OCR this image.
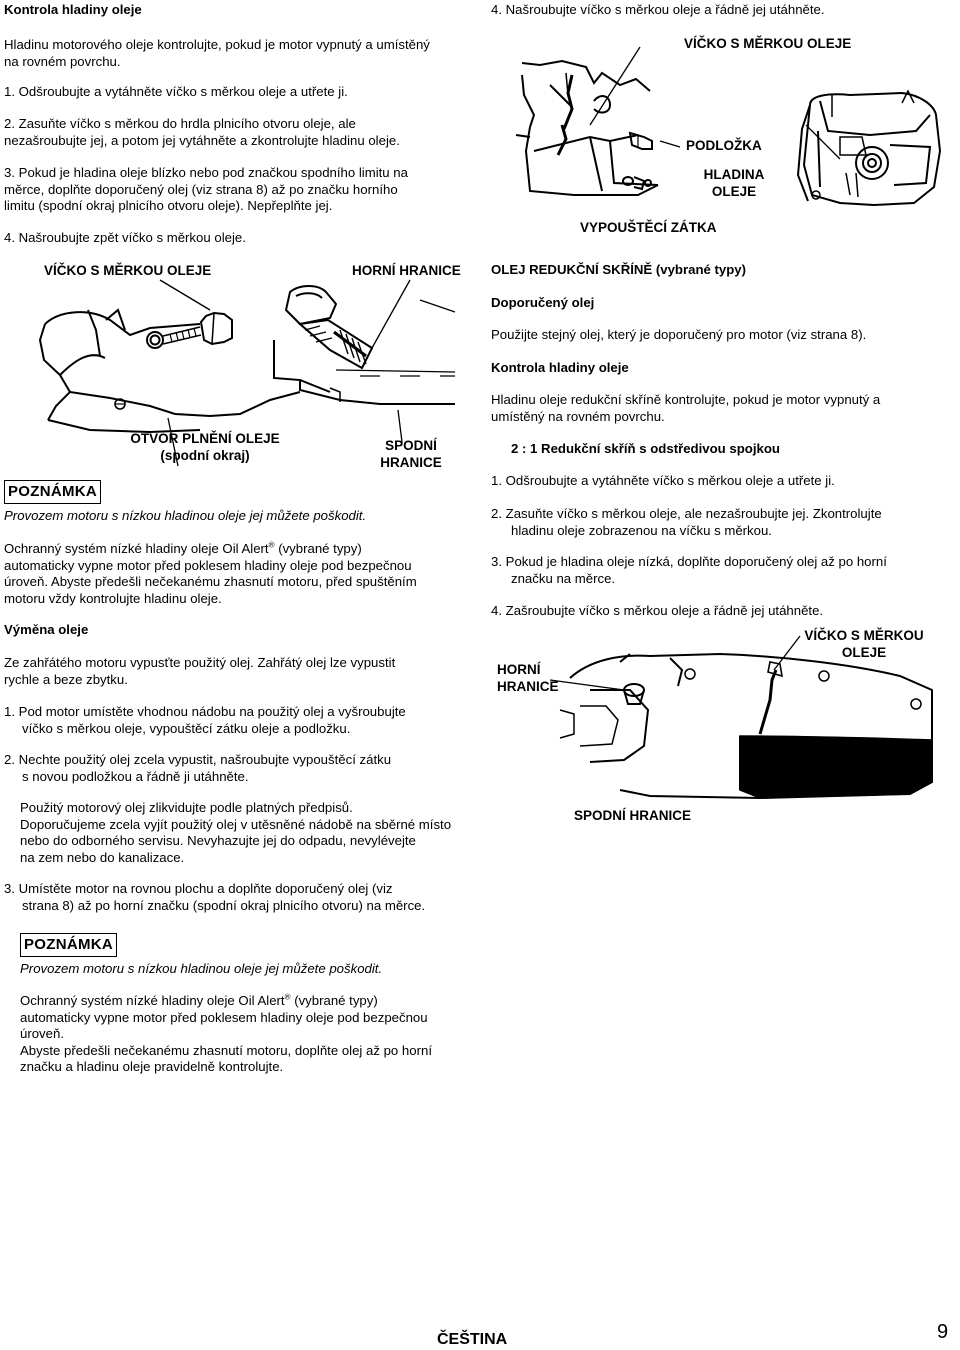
Kontrola hladiny oleje
Hladinu motorového oleje kontrolujte, pokud je motor vypnutý a umístěný
na rovném povrchu.
1. Odšroubujte a vytáhněte víčko s měrkou oleje a utřete ji.
2. Zasuňte víčko s měrkou do hrdla plnicího otvoru oleje, ale
nezašroubujte jej, a potom jej vytáhněte a zkontrolujte hladinu oleje.
3. Pokud je hladina oleje blízko nebo pod značkou spodního limitu na
měrce, doplňte doporučený olej (viz strana 8) až po značku horního
limitu (spodní okraj plnicího otvoru oleje). Nepřeplňte jej.
4. Našroubujte zpět víčko s měrkou oleje.
VÍČKO S MĚRKOU OLEJE	HORNÍ HRANICE
OTVOR PLNĚNÍ OLEJE
(spodní okraj)
SPODNÍ
HRANICE
POZNÁMKA
Provozem motoru s nízkou hladinou oleje jej můžete poškodit.
Ochranný systém nízké hladiny oleje Oil Alert® (vybrané typy)
automaticky vypne motor před poklesem hladiny oleje pod bezpečnou
úroveň. Abyste předešli nečekanému zhasnutí motoru, před spuštěním
motoru vždy kontrolujte hladinu oleje.
Výměna oleje
Ze zahřátého motoru vypusťte použitý olej. Zahřátý olej lze vypustit
rychle a beze zbytku.
1. Pod motor umístěte vhodnou nádobu na použitý olej a vyšroubujte
víčko s měrkou oleje, vypouštěcí zátku oleje a podložku.
2. Nechte použitý olej zcela vypustit, našroubujte vypouštěcí zátku
s novou podložkou a řádně ji utáhněte.
Použitý motorový olej zlikvidujte podle platných předpisů.
Doporučujeme zcela vyjít použitý olej v utěsněné nádobě na sběrné místo
nebo do odborného servisu. Nevyhazujte jej do odpadu, nevylévejte
na zem nebo do kanalizace.
3. Umístěte motor na rovnou plochu a doplňte doporučený olej (viz
strana 8) až po horní značku (spodní okraj plnicího otvoru) na měrce.
POZNÁMKA
Provozem motoru s nízkou hladinou oleje jej můžete poškodit.
Ochranný systém nízké hladiny oleje Oil Alert® (vybrané typy)
automaticky vypne motor před poklesem hladiny oleje pod bezpečnou
úroveň.
Abyste předešli nečekanému zhasnutí motoru, doplňte olej až po horní
značku a hladinu oleje pravidelně kontrolujte.
4. Našroubujte víčko s měrkou oleje a řádně jej utáhněte.
VÍČKO S MĚRKOU OLEJE
PODLOŽKA
HLADINA
OLEJE
VYPOUŠTĚCÍ ZÁTKA
OLEJ REDUKČNÍ SKŘÍNĚ (vybrané typy)
Doporučený olej
Použijte stejný olej, který je doporučený pro motor (viz strana 8).
Kontrola hladiny oleje
Hladinu oleje redukční skříně kontrolujte, pokud je motor vypnutý a
umístěný na rovném povrchu.
2 : 1 Redukční skříň s odstředivou spojkou
1. Odšroubujte a vytáhněte víčko s měrkou oleje a utřete ji.
2. Zasuňte víčko s měrkou oleje, ale nezašroubujte jej. Zkontrolujte
hladinu oleje zobrazenou na víčku s měrkou.
3. Pokud je hladina oleje nízká, doplňte doporučený olej až po horní
značku na měrce.
4. Zašroubujte víčko s měrkou oleje a řádně jej utáhněte.
VÍČKO S MĚRKOU
OLEJE
HORNÍ
HRANICE
SPODNÍ HRANICE
ČEŠTINA	9
